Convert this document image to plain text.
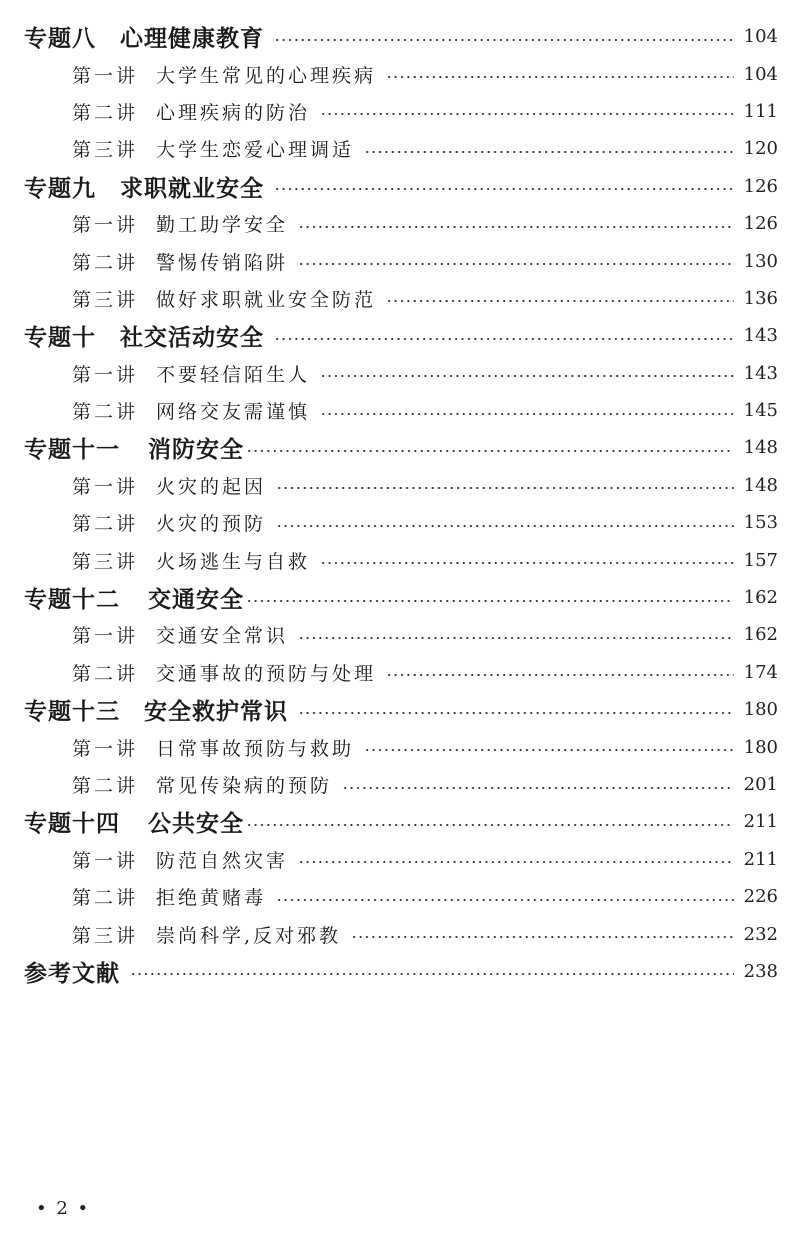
专题八 心理健康教育	104
第一讲 大学生常见的心理疾病	104
第二讲 心理疾病的防治	111
第三讲 大学生恋爱心理调适	120
专题九 求职就业安全	126
第一讲 勤工助学安全	126
第二讲 警惕传销陷阱	130
第三讲 做好求职就业安全防范	136
专题十 社交活动安全	143
第一讲 不要轻信陌生人	143
第二讲 网络交友需谨慎	145
专题十一 消防安全	148
第一讲 火灾的起因	148
第二讲 火灾的预防	153
第三讲 火场逃生与自救	157
专题十二 交通安全	162
第一讲 交通安全常识	162
第二讲 交通事故的预防与处理	174
专题十三 安全救护常识	180
第一讲 日常事故预防与救助	180
第二讲 常见传染病的预防	201
专题十四 公共安全	211
第一讲 防范自然灾害	211
第二讲 拒绝黄赌毒	226
第三讲 崇尚科学,反对邪教	232
参考文献	238
• 2 •
